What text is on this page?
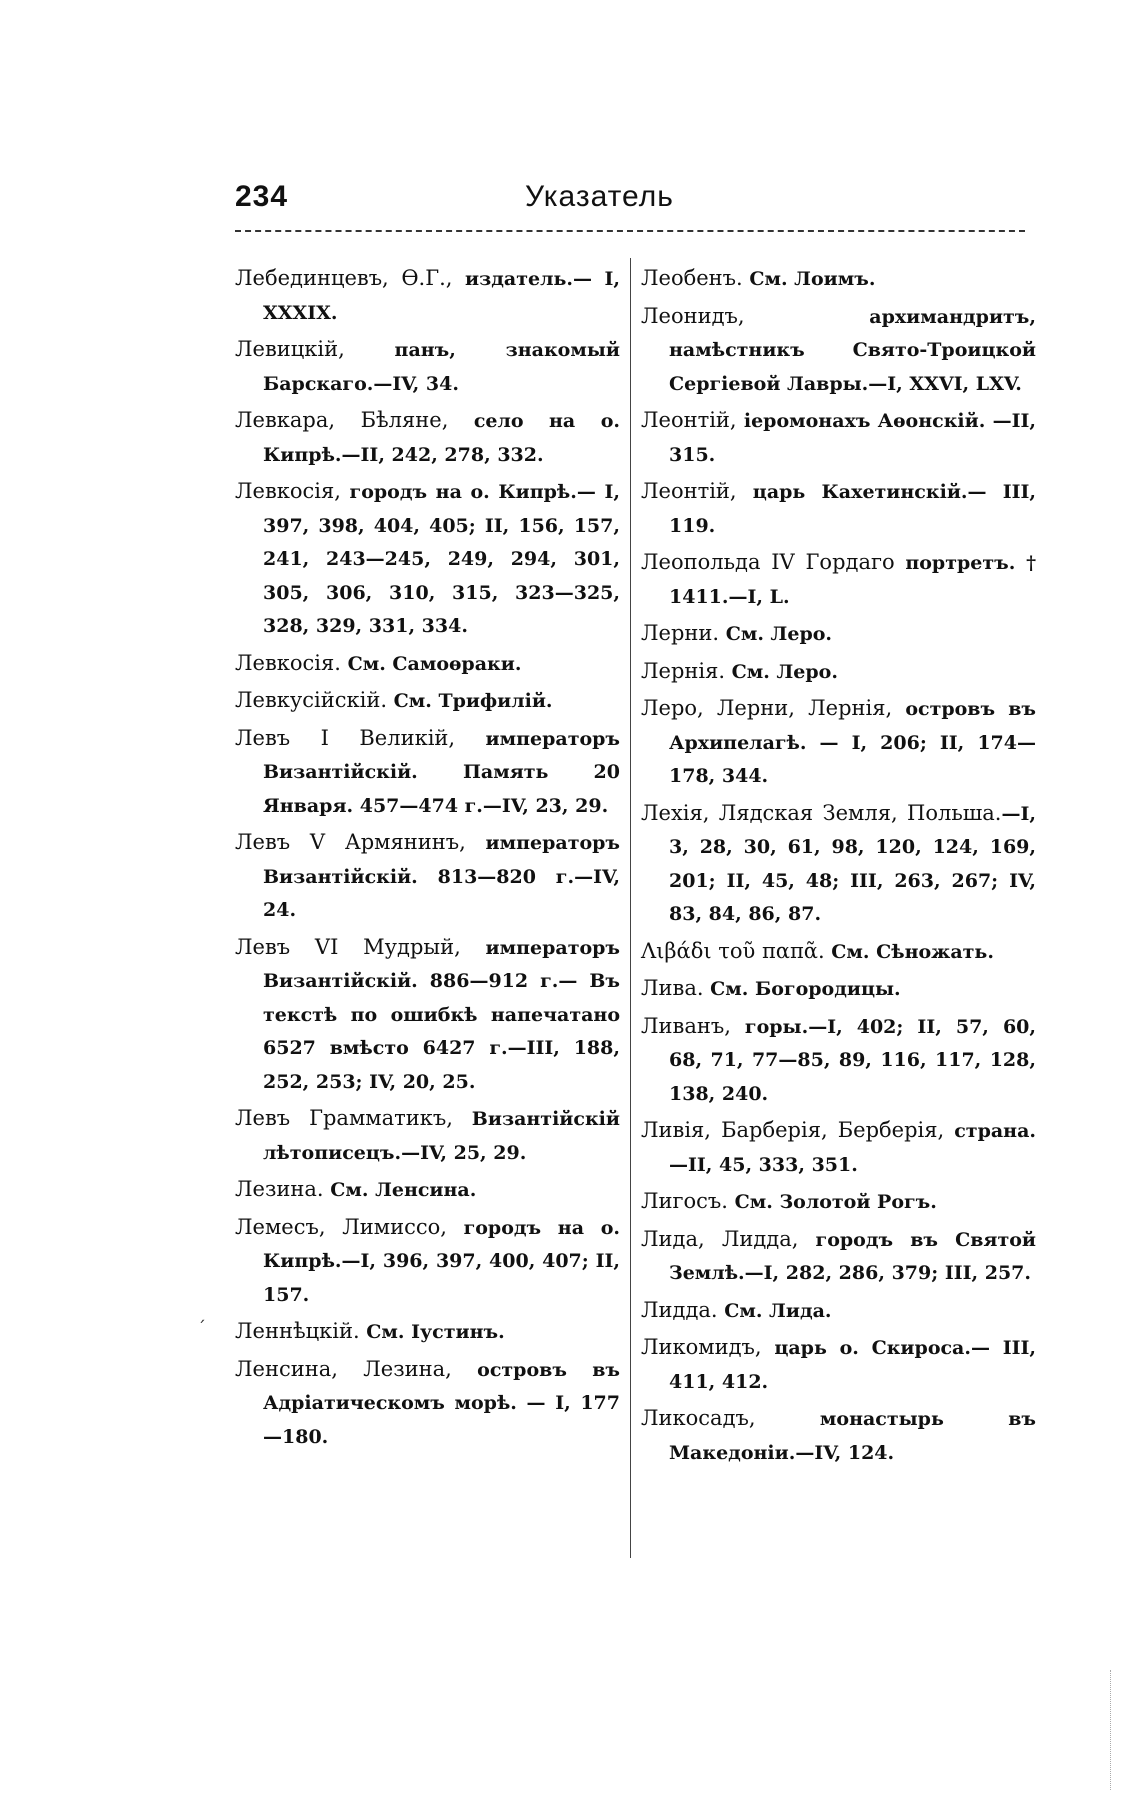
234	Указатель

Лебединцевъ, Ѳ.Г., издатель.— I, XXXIX.

Левицкій, панъ, знакомый Барскаго.—IV, 34.

Левкара, Бѣляне, село на о. Кипрѣ.—II, 242, 278, 332.

Левкосія, городъ на о. Кипрѣ.— I, 397, 398, 404, 405; II, 156, 157, 241, 243—245, 249, 294, 301, 305, 306, 310, 315, 323—325, 328, 329, 331, 334.

Левкосія. См. Самоѳраки.

Левкусійскій. См. Трифилій.

Левъ I Великій, императоръ Византійскій. Память 20 Января. 457—474 г.—IV, 23, 29.

Левъ V Армянинъ, императоръ Византійскій. 813—820 г.—IV, 24.

Левъ VI Мудрый, императоръ Византійскій. 886—912 г.— Въ текстѣ по ошибкѣ напечатано 6527 вмѣсто 6427 г.—III, 188, 252, 253; IV, 20, 25.

Левъ Грамматикъ, Византійскій лѣтописецъ.—IV, 25, 29.

Лезина. См. Ленсина.

Лемесъ, Лимиссо, городъ на о. Кипрѣ.—I, 396, 397, 400, 407; II, 157.

Леннѣцкій. См. Іустинъ.

Ленсина, Лезина, островъ въ Адріатическомъ морѣ. — I, 177—180.

Леобенъ. См. Лоимъ.

Леонидъ, архимандритъ, намѣстникъ Свято-Троицкой Сергіевой Лавры.—I, XXVI, LXV.

Леонтій, іеромонахъ Аѳонскій. —II, 315.

Леонтій, царь Кахетинскій.— III, 119.

Леопольда IV Гордаго портретъ. † 1411.—I, L.

Лерни. См. Леро.

Лернія. См. Леро.

Леро, Лерни, Лернія, островъ въ Архипелагѣ. — I, 206; II, 174—178, 344.

Лехія, Лядская Земля, Польша.—I, 3, 28, 30, 61, 98, 120, 124, 169, 201; II, 45, 48; III, 263, 267; IV, 83, 84, 86, 87.

Λιβάδι τοῦ παπᾶ. См. Сѣножать.

Лива. См. Богородицы.

Ливанъ, горы.—I, 402; II, 57, 60, 68, 71, 77—85, 89, 116, 117, 128, 138, 240.

Ливія, Барберія, Берберія, страна.—II, 45, 333, 351.

Лигосъ. См. Золотой Рогъ.

Лида, Лидда, городъ въ Святой Землѣ.—I, 282, 286, 379; III, 257.

Лидда. См. Лида.

Ликомидъ, царь о. Скироса.— III, 411, 412.

Ликосадъ, монастырь въ Македоніи.—IV, 124.

´
